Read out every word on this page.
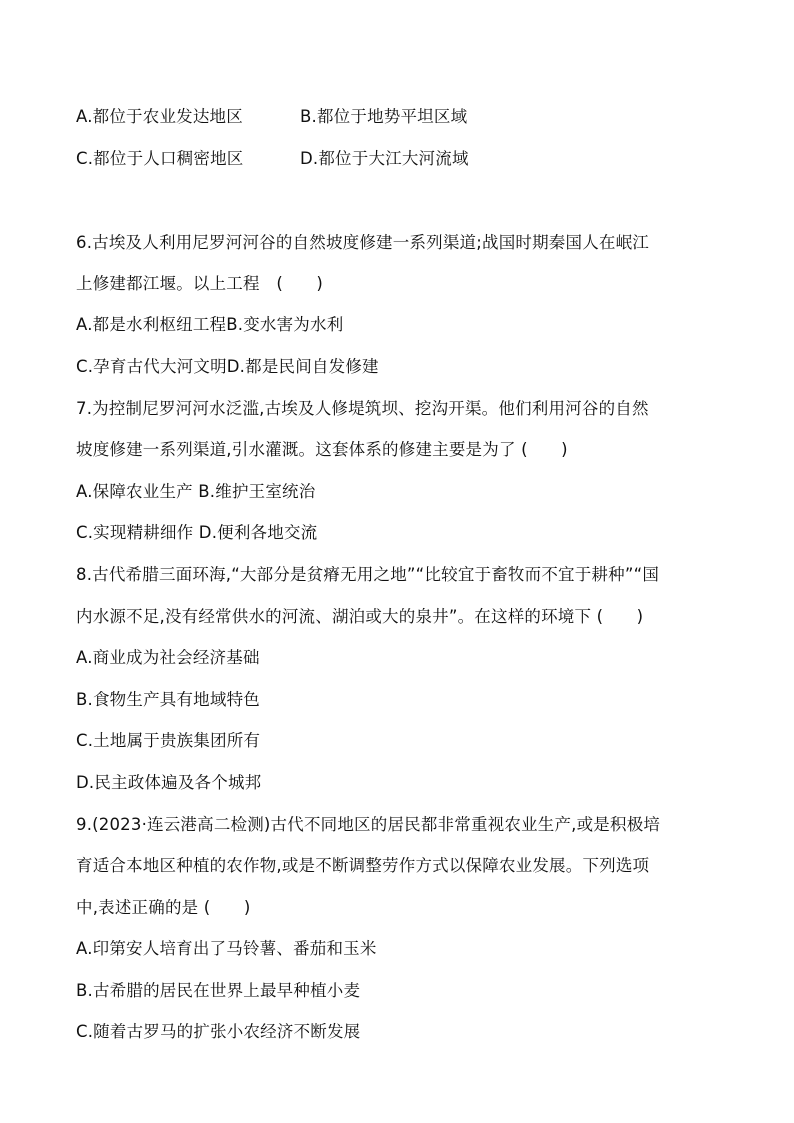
A.都位于农业发达地区	B.都位于地势平坦区域
C.都位于人口稠密地区	D.都位于大江大河流域
6.古埃及人利用尼罗河河谷的自然坡度修建一系列渠道;战国时期秦国人在岷江
上修建都江堰。以上工程　(　　)
A.都是水利枢纽工程B.变水害为水利
C.孕育古代大河文明D.都是民间自发修建
7.为控制尼罗河河水泛滥,古埃及人修堤筑坝、挖沟开渠。他们利用河谷的自然
坡度修建一系列渠道,引水灌溉。这套体系的修建主要是为了 (　　)
A.保障农业生产 B.维护王室统治
C.实现精耕细作 D.便利各地交流
8.古代希腊三面环海,“大部分是贫瘠无用之地”“比较宜于畜牧而不宜于耕种”“国
内水源不足,没有经常供水的河流、湖泊或大的泉井”。在这样的环境下 (　　)
A.商业成为社会经济基础
B.食物生产具有地域特色
C.土地属于贵族集团所有
D.民主政体遍及各个城邦
9.(2023·连云港高二检测)古代不同地区的居民都非常重视农业生产,或是积极培
育适合本地区种植的农作物,或是不断调整劳作方式以保障农业发展。下列选项
中,表述正确的是 (　　)
A.印第安人培育出了马铃薯、番茄和玉米
B.古希腊的居民在世界上最早种植小麦
C.随着古罗马的扩张小农经济不断发展
